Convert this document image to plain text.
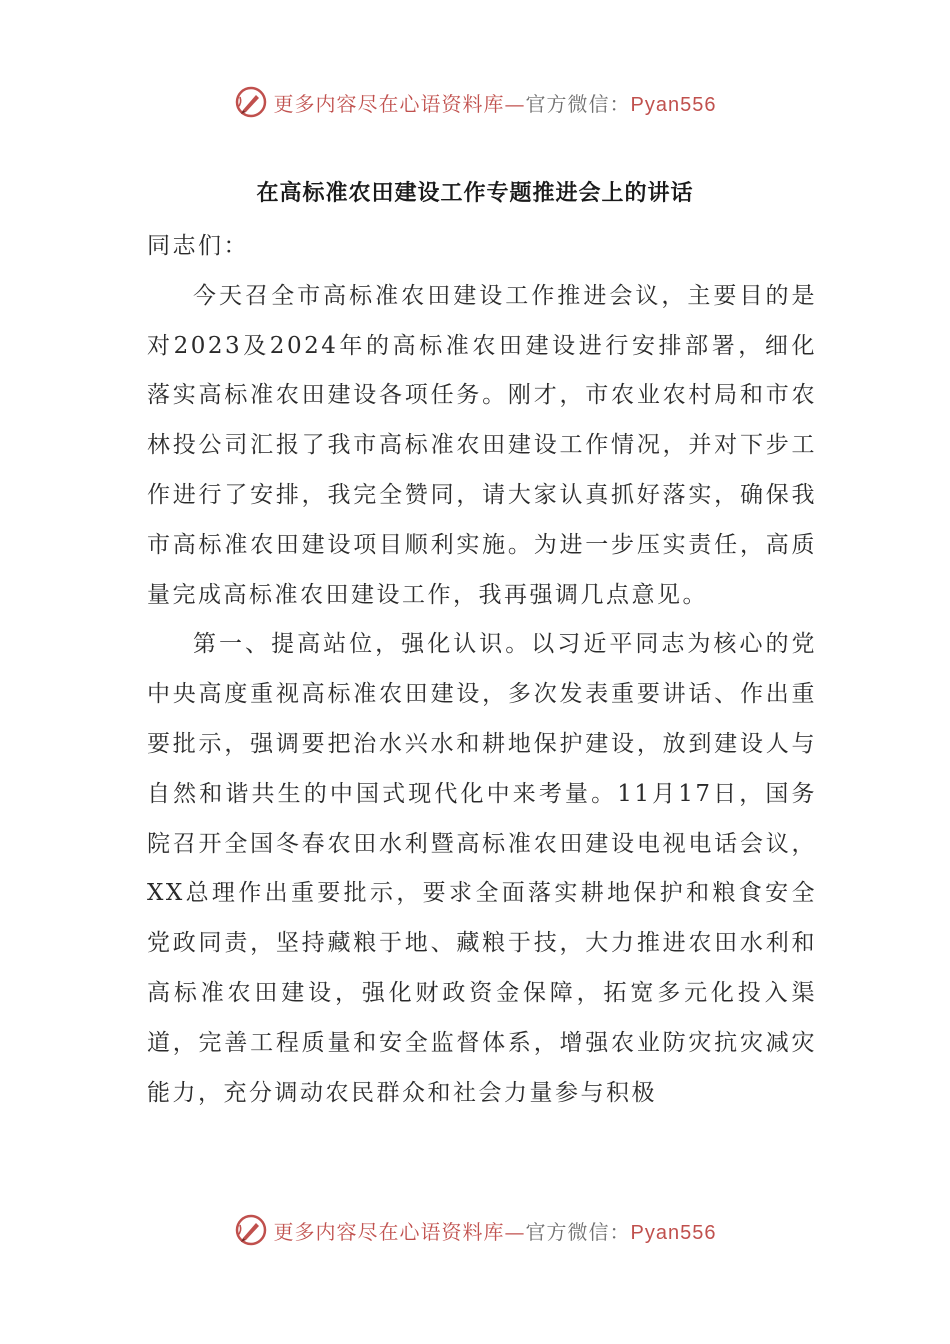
更多内容尽在心语资料库—官方微信：Pyan556
在高标准农田建设工作专题推进会上的讲话

同志们：

今天召全市高标准农田建设工作推进会议，主要目的是对2023及2024年的高标准农田建设进行安排部署，细化落实高标准农田建设各项任务。刚才，市农业农村局和市农林投公司汇报了我市高标准农田建设工作情况，并对下步工作进行了安排，我完全赞同，请大家认真抓好落实，确保我市高标准农田建设项目顺利实施。为进一步压实责任，高质量完成高标准农田建设工作，我再强调几点意见。

第一、提高站位，强化认识。以习近平同志为核心的党中央高度重视高标准农田建设，多次发表重要讲话、作出重要批示，强调要把治水兴水和耕地保护建设，放到建设人与自然和谐共生的中国式现代化中来考量。11月17日，国务院召开全国冬春农田水利暨高标准农田建设电视电话会议，XX总理作出重要批示，要求全面落实耕地保护和粮食安全党政同责，坚持藏粮于地、藏粮于技，大力推进农田水利和高标准农田建设，强化财政资金保障，拓宽多元化投入渠道，完善工程质量和安全监督体系，增强农业防灾抗灾减灾能力，充分调动农民群众和社会力量参与积极

更多内容尽在心语资料库—官方微信：Pyan556
